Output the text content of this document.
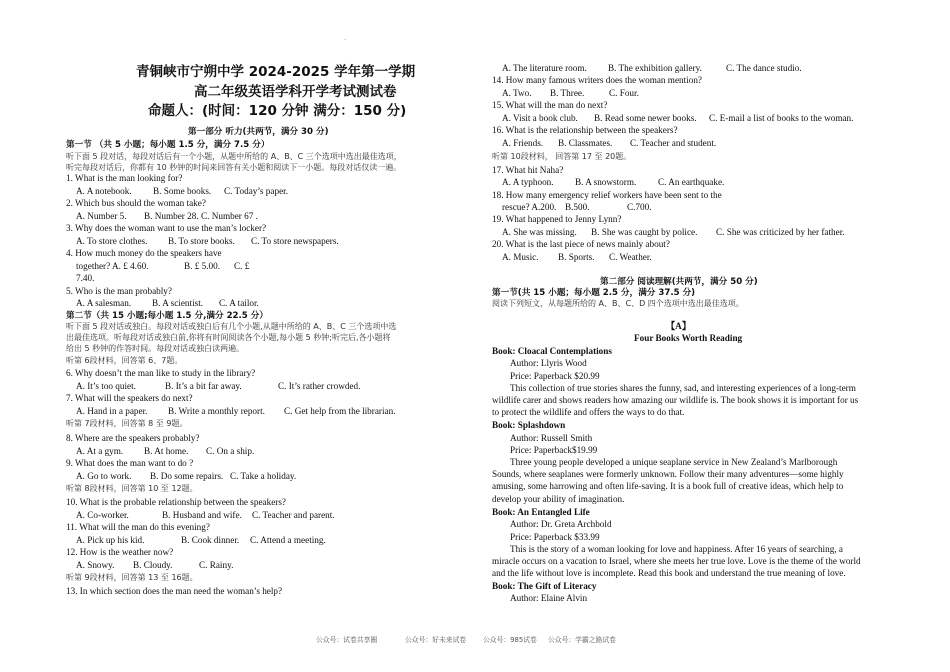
·
青铜峡市宁朔中学 2024-2025 学年第一学期
高二年级英语学科开学考试测试卷
命题人：(时间：120 分钟 满分：150 分)
第一部分 听力(共两节，满分 30 分)
第一节 （共 5 小题；每小题 1.5 分，满分 7.5 分）
听下面 5 段对话，每段对话后有一个小题，从题中所给的 A、B、C 三个选项中选出最佳选项，
听完每段对话后，你都有 10 秒钟的时间来回答有关小题和阅读下一小题。每段对话仅读一遍。
1. What is the man looking for?
A. A notebook. B. Some books. C. Today’s paper.
2. Which bus should the woman take?
A. Number 5. B. Number 28. C. Number 67 .
3. Why does the woman want to use the man’s locker?
A. To store clothes. B. To store books. C. To store newspapers.
4. How much money do the speakers have
together? A. £ 4.60.	B. £ 5.00. C. £
7.40.
5. Who is the man probably?
A. A salesman. B. A scientist. C. A tailor.
第二节（共 15 小题;每小题 1.5 分,满分 22.5 分）
听下面 5 段对话或独白。每段对话或独白后有几个小题,从题中所给的 A、B、C 三个选项中选
出最佳选项。听每段对话或独白前,你将有时间阅读各个小题,每小题 5 秒钟;听完后,各小题将
给出 5 秒钟的作答时间。每段对话或独白读两遍。
听第 6段材料，回答第 6、7题。
6. Why doesn’t the man like to study in the library?
A. It’s too quiet.	B. It’s a bit far away.	C. It’s rather crowded.
7. What will the speakers do next?
A. Hand in a paper. B. Write a monthly report. C. Get help from the librarian.
听第 7段材料，回答第 8 至 9题。
8. Where are the speakers probably?
A. At a gym. B. At home. C. On a ship.
9. What does the man want to do ?
A. Go to work. B. Do some repairs. C. Take a holiday.
听第 8段材料，回答第 10 至 12题。
10. What is the probable relationship between the speakers?
A. Co-worker.	B. Husband and wife. C. Teacher and parent.
11. What will the man do this evening?
A. Pick up his kid.	B. Cook dinner. C. Attend a meeting.
12. How is the weather now?
A. Snowy. B. Cloudy.	C. Rainy.
听第 9段材料，回答第 13 至 16题。
13. In which section does the man need the woman’s help?
A. The literature room. B. The exhibition gallery.	C. The dance studio.
14. How many famous writers does the woman mention?
A. Two. B. Three.	C. Four.
15. What will the man do next?
A. Visit a book club. B. Read some newer books. C. E-mail a list of books to the woman.
16. What is the relationship between the speakers?
A. Friends. B. Classmates. C. Teacher and student.
听第 10段材料， 回答第 17 至 20题。
17. What hit Naha?
A. A typhoon. B. A snowstorm. C. An earthquake.
18. How many emergency relief workers have been sent to the
rescue? A.200. B.500.	C.700.
19. What happened to Jenny Lynn?
A. She was missing. B. She was caught by police. C. She was criticized by her father.
20. What is the last piece of news mainly about?
A. Music. B. Sports. C. Weather.
第二部分 阅读理解(共两节，满分 50 分)
第一节(共 15 小题；每小题 2.5 分，满分 37.5 分)
阅读下列短文，从每题所给的 A、B、C、D 四个选项中选出最佳选项。
【A】
Four Books Worth Reading
Book: Cloacal Contemplations
Author: Llyris Wood
Price: Paperback $20.99
This collection of true stories shares the funny, sad, and interesting experiences of a long-term
wildlife carer and shows readers how amazing our wildlife is. The book shows it is important for us
to protect the wildlife and offers the ways to do that.
Book: Splashdown
Author: Russell Smith
Price: Paperback$19.99
Three young people developed a unique seaplane service in New Zealand’s Marlborough
Sounds, where seaplanes were formerly unknown. Follow their many adventures—some highly
amusing, some harrowing and often life-saving. It is a book full of creative ideas, which help to
develop your ability of imagination.
Book: An Entangled Life
Author: Dr. Greta Archbold
Price: Paperback $33.99
This is the story of a woman looking for love and happiness. After 16 years of searching, a
miracle occurs on a vacation to Israel, where she meets her true love. Love is the theme of the world
and the life without love is incomplete. Read this book and understand the true meaning of love.
Book: The Gift of Literacy
Author: Elaine Alvin
公众号：试卷共享圈	公众号：好未来试卷 公众号：985试卷 公众号：学霸之路试卷
